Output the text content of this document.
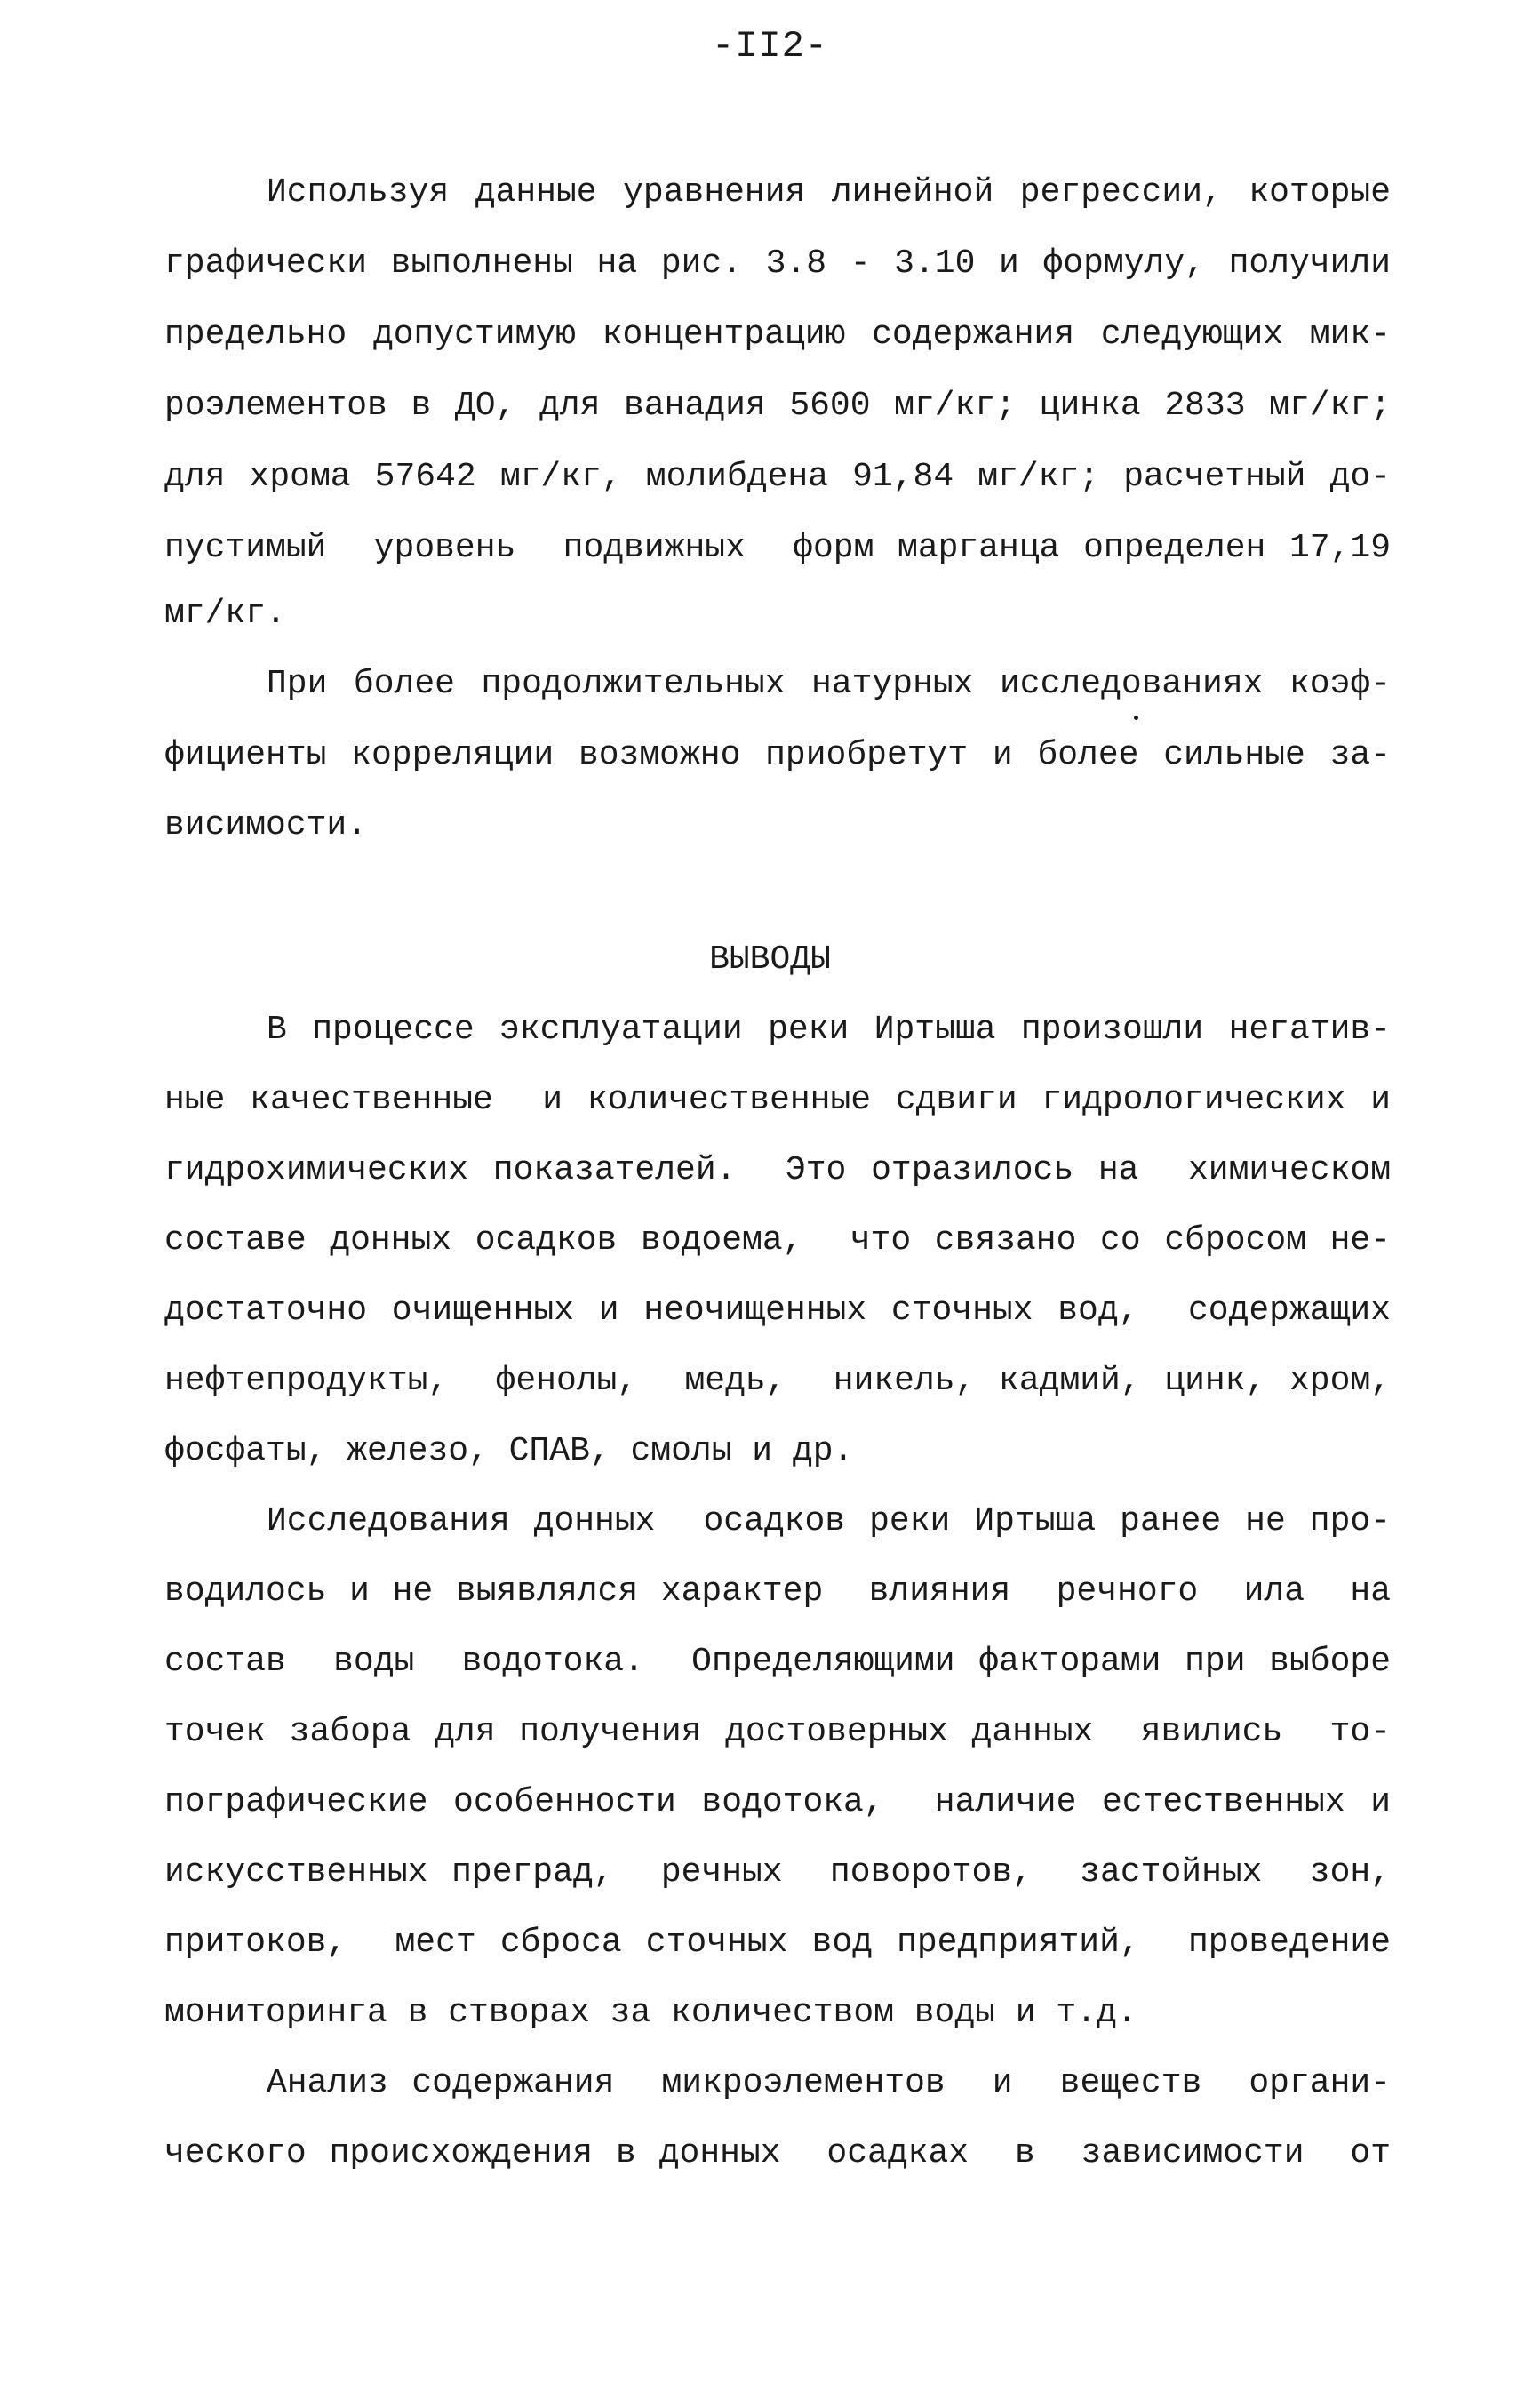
-II2-
Используя данные уравнения линейной регрессии, которые
графически выполнены на рис. 3.8 - 3.10 и формулу, получили
предельно допустимую концентрацию содержания следующих мик-
роэлементов в ДО, для ванадия 5600 мг/кг; цинка 2833 мг/кг;
для хрома 57642 мг/кг, молибдена 91,84 мг/кг; расчетный до-
пустимый  уровень  подвижных  форм марганца определен 17,19
мг/кг.
При более продолжительных натурных исследованиях коэф-
фициенты корреляции возможно приобретут и более сильные за-
висимости.
ВЫВОДЫ
В процессе эксплуатации реки Иртыша произошли негатив-
ные качественные  и количественные сдвиги гидрологических и
гидрохимических показателей.  Это отразилось на  химическом
составе донных осадков водоема,  что связано со сбросом не-
достаточно очищенных и неочищенных сточных вод,  содержащих
нефтепродукты,  фенолы,  медь,  никель, кадмий, цинк, хром,
фосфаты, железо, СПАВ, смолы и др.
Исследования донных  осадков реки Иртыша ранее не про-
водилось и не выявлялся характер  влияния  речного  ила  на
состав  воды  водотока.  Определяющими факторами при выборе
точек забора для получения достоверных данных  явились  то-
пографические особенности водотока,  наличие естественных и
искусственных преград,  речных  поворотов,  застойных  зон,
притоков,  мест сброса сточных вод предприятий,  проведение
мониторинга в створах за количеством воды и т.д.
Анализ содержания  микроэлементов  и  веществ  органи-
ческого происхождения в донных  осадках  в  зависимости  от
